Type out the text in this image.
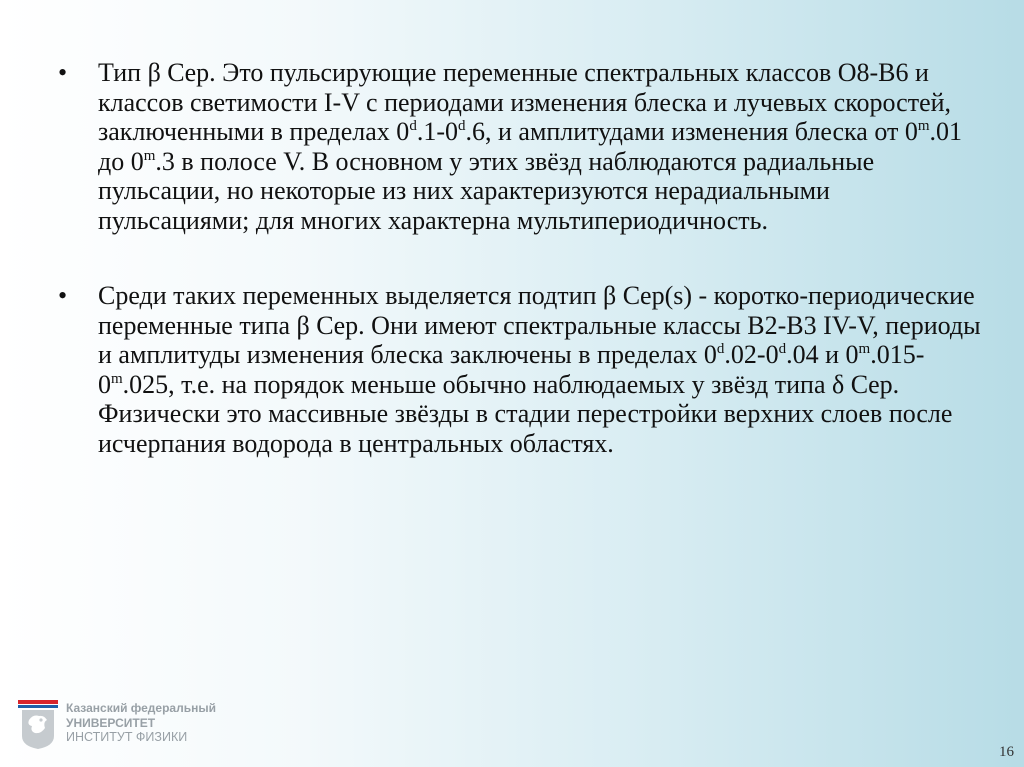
• Тип β Cep. Это пульсирующие переменные спектральных классов O8-B6 и классов светимости I-V с периодами изменения блеска и лучевых скоростей, заключенными в пределах 0$^d$.1-0$^d$.6, и амплитудами изменения блеска от 0$^m$.01 до 0$^m$.3 в полосе V. В основном у этих звёзд наблюдаются радиальные пульсации, но некоторые из них характеризуются нерадиальными пульсациями; для многих характерна мультипериодичность.
• Среди таких переменных выделяется подтип β Cep(s) - коротко-периодические переменные типа β Cep. Они имеют спектральные классы B2-B3 IV-V, периоды и амплитуды изменения блеска заключены в пределах 0$^d$.02-0$^d$.04 и 0$^m$.015-0$^m$.025, т.е. на порядок меньше обычно наблюдаемых у звёзд типа δ Cep. Физически это массивные звёзды в стадии перестройки верхних слоев после исчерпания водорода в центральных областях.
Казанский федеральный
УНИВЕРСИТЕТ
ИНСТИТУТ ФИЗИКИ
16
